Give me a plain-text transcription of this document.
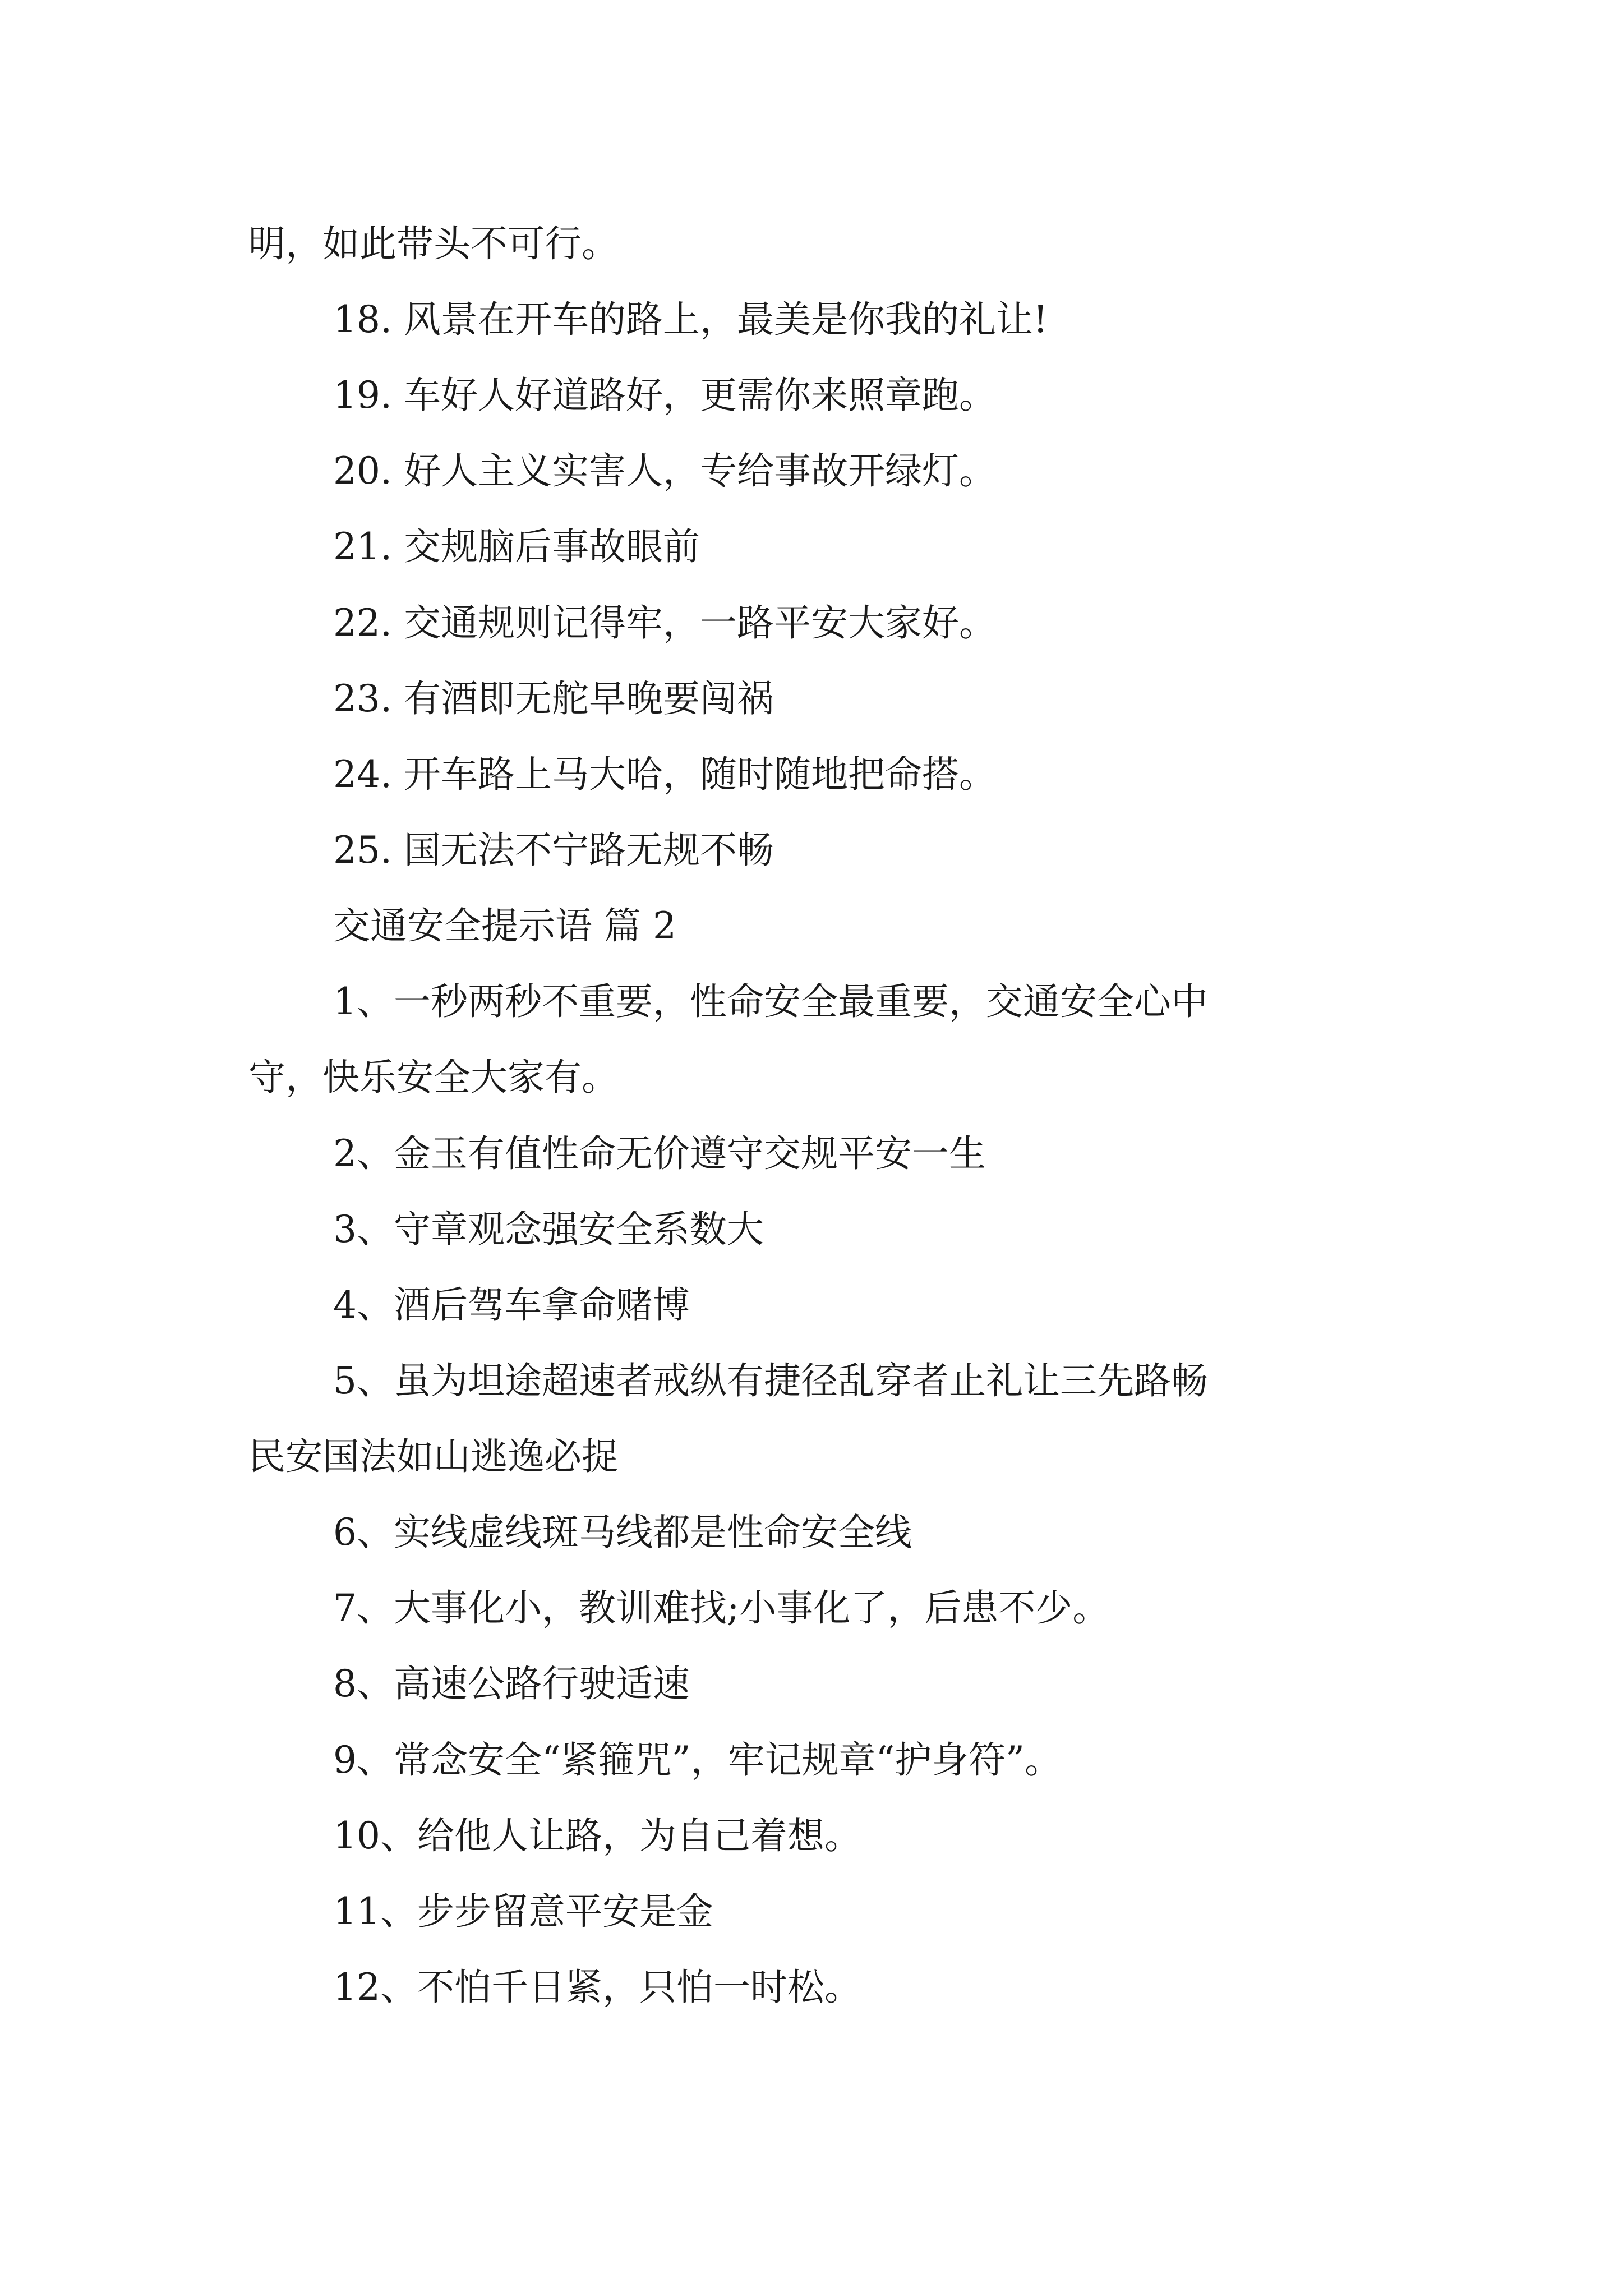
明，如此带头不可行。

18. 风景在开车的路上，最美是你我的礼让!

19. 车好人好道路好，更需你来照章跑。

20. 好人主义实害人，专给事故开绿灯。

21. 交规脑后事故眼前

22. 交通规则记得牢，一路平安大家好。

23. 有酒即无舵早晚要闯祸

24. 开车路上马大哈，随时随地把命搭。

25. 国无法不宁路无规不畅

交通安全提示语 篇 2

1、一秒两秒不重要，性命安全最重要，交通安全心中

守，快乐安全大家有。

2、金玉有值性命无价遵守交规平安一生

3、守章观念强安全系数大

4、酒后驾车拿命赌博

5、虽为坦途超速者戒纵有捷径乱穿者止礼让三先路畅

民安国法如山逃逸必捉

6、实线虚线斑马线都是性命安全线

7、大事化小，教训难找;小事化了，后患不少。

8、高速公路行驶适速

9、常念安全“紧箍咒”，牢记规章“护身符”。

10、给他人让路，为自己着想。

11、步步留意平安是金

12、不怕千日紧，只怕一时松。
